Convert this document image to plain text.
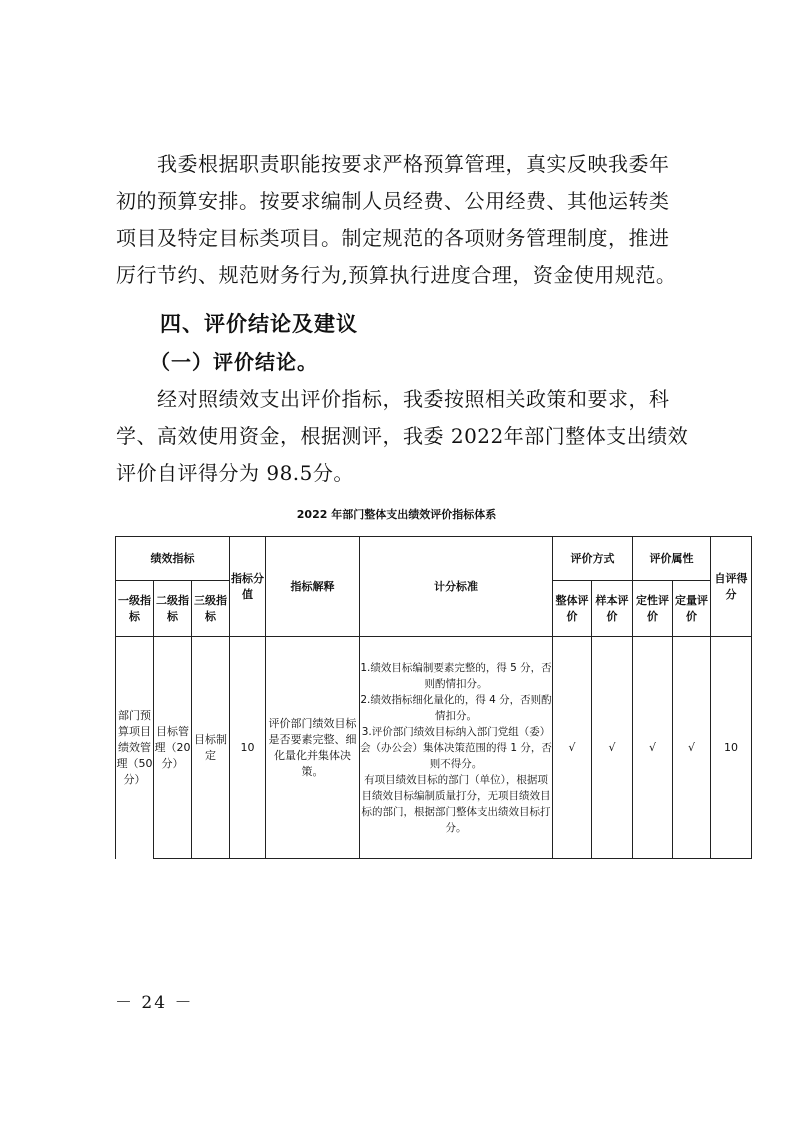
　　我委根据职责职能按要求严格预算管理，真实反映我委年
初的预算安排。按要求编制人员经费、公用经费、其他运转类
项目及特定目标类项目。制定规范的各项财务管理制度，推进
厉行节约、规范财务行为,预算执行进度合理，资金使用规范。
四、评价结论及建议
（一）评价结论。
　　经对照绩效支出评价指标，我委按照相关政策和要求，科
学、高效使用资金，根据测评，我委 2022年部门整体支出绩效
评价自评得分为 98.5分。
2022 年部门整体支出绩效评价指标体系
绩效指标			指标分值	指标解释	计分标准	评价方式		评价属性		自评得分
一级指标	二级指标	三级指标				整体评价	样本评价	定性评价	定量评价	
部门预算项目绩效管理（50分）	目标管理（20分）	目标制定	10	评价部门绩效目标是否要素完整、细化量化并集体决策。	1.绩效目标编制要素完整的，得 5 分，否则酌情扣分。
2.绩效指标细化量化的，得 4 分，否则酌情扣分。
3.评价部门绩效目标纳入部门党组（委）会（办公会）集体决策范围的得 1 分，否则不得分。
有项目绩效目标的部门（单位），根据项目绩效目标编制质量打分，无项目绩效目标的部门，根据部门整体支出绩效目标打分。	√	√	√	√	10
－ 24 －
